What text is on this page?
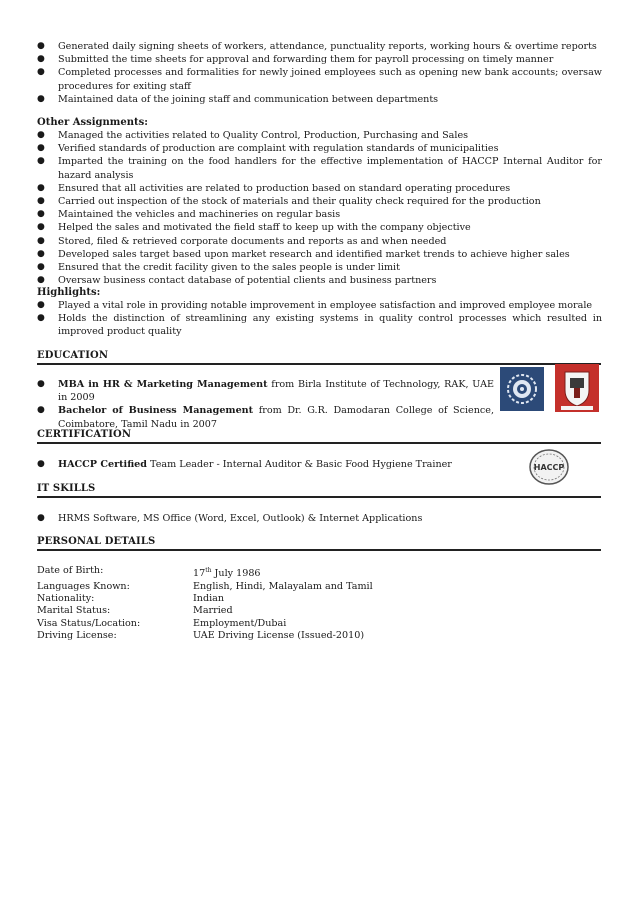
● Generated daily signing sheets of workers, attendance, punctuality reports, working hours & overtime reports
● Submitted the time sheets for approval and forwarding them for payroll processing on timely manner
● Completed processes and formalities for newly joined employees such as opening new bank accounts; oversaw procedures for exiting staff
● Maintained data of the joining staff and communication between departments
Other Assignments:
● Managed the activities related to Quality Control, Production, Purchasing and Sales
● Verified standards of production are complaint with regulation standards of municipalities
● Imparted the training on the food handlers for the effective implementation of HACCP Internal Auditor for hazard analysis
● Ensured that all activities are related to production based on standard operating procedures
● Carried out inspection of the stock of materials and their quality check required for the production
● Maintained the vehicles and machineries on regular basis
● Helped the sales and motivated the field staff to keep up with the company objective
● Stored, filed & retrieved corporate documents and reports as and when needed
● Developed sales target based upon market research and identified market trends to achieve higher sales
● Ensured that the credit facility given to the sales people is under limit
● Oversaw business contact database of potential clients and business partners
Highlights:
● Played a vital role in providing notable improvement in employee satisfaction and improved employee morale
● Holds the distinction of streamlining any existing systems in quality control processes which resulted in improved product quality
EDUCATION
● MBA in HR & Marketing Management from Birla Institute of Technology, RAK, UAE in 2009
● Bachelor of Business Management from Dr. G.R. Damodaran College of Science, Coimbatore, Tamil Nadu in 2007
CERTIFICATION
● HACCP Certified Team Leader - Internal Auditor & Basic Food Hygiene Trainer	HACCP
IT SKILLS
● HRMS Software, MS Office (Word, Excel, Outlook) & Internet Applications
PERSONAL DETAILS
Date of Birth:	17th July 1986
Languages Known:	English, Hindi, Malayalam and Tamil
Nationality:	Indian
Marital Status:	Married
Visa Status/Location:	Employment/Dubai
Driving License:	UAE Driving License (Issued-2010)
